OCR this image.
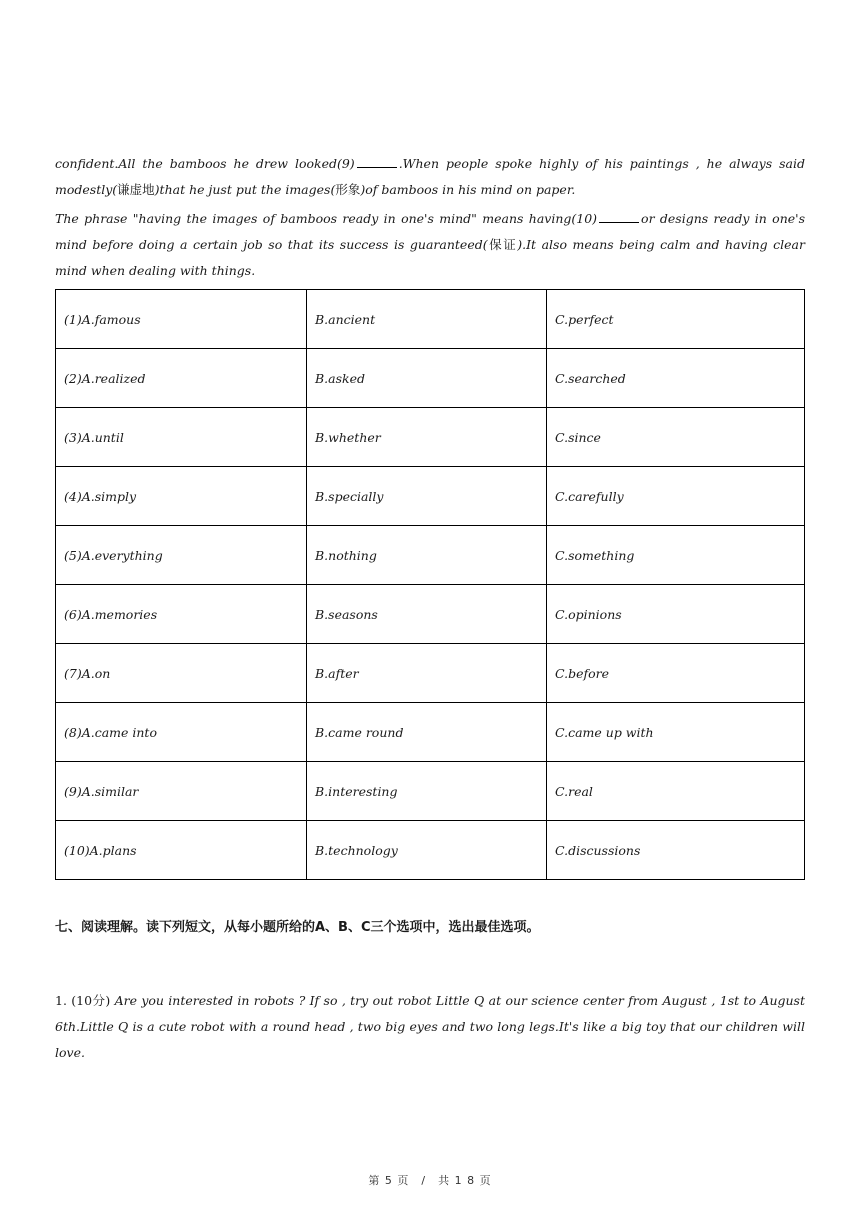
confident.All the bamboos he drew looked(9)	.When people spoke highly of his paintings , he always said modestly(谦虚地)that he just put the images(形象)of bamboos in his mind on paper.
The phrase "having the images of bamboos ready in one's mind" means having(10)	or designs ready in one's mind before doing a certain job so that its success is guaranteed(保证).It also means being calm and having clear mind when dealing with things.
(1)A.famous	B.ancient	C.perfect
(2)A.realized	B.asked	C.searched
(3)A.until	B.whether	C.since
(4)A.simply	B.specially	C.carefully
(5)A.everything	B.nothing	C.something
(6)A.memories	B.seasons	C.opinions
(7)A.on	B.after	C.before
(8)A.came into	B.came round	C.came up with
(9)A.similar	B.interesting	C.real
(10)A.plans	B.technology	C.discussions
七、阅读理解。读下列短文，从每小题所给的A、B、C三个选项中，选出最佳选项。
1. (10分) Are you interested in robots ? If so , try out robot Little Q at our science center from August , 1st to August 6th.Little Q is a cute robot with a round head , two big eyes and two long legs.It's like a big toy that our children will love.
第 5 页　/　共 1 8 页
